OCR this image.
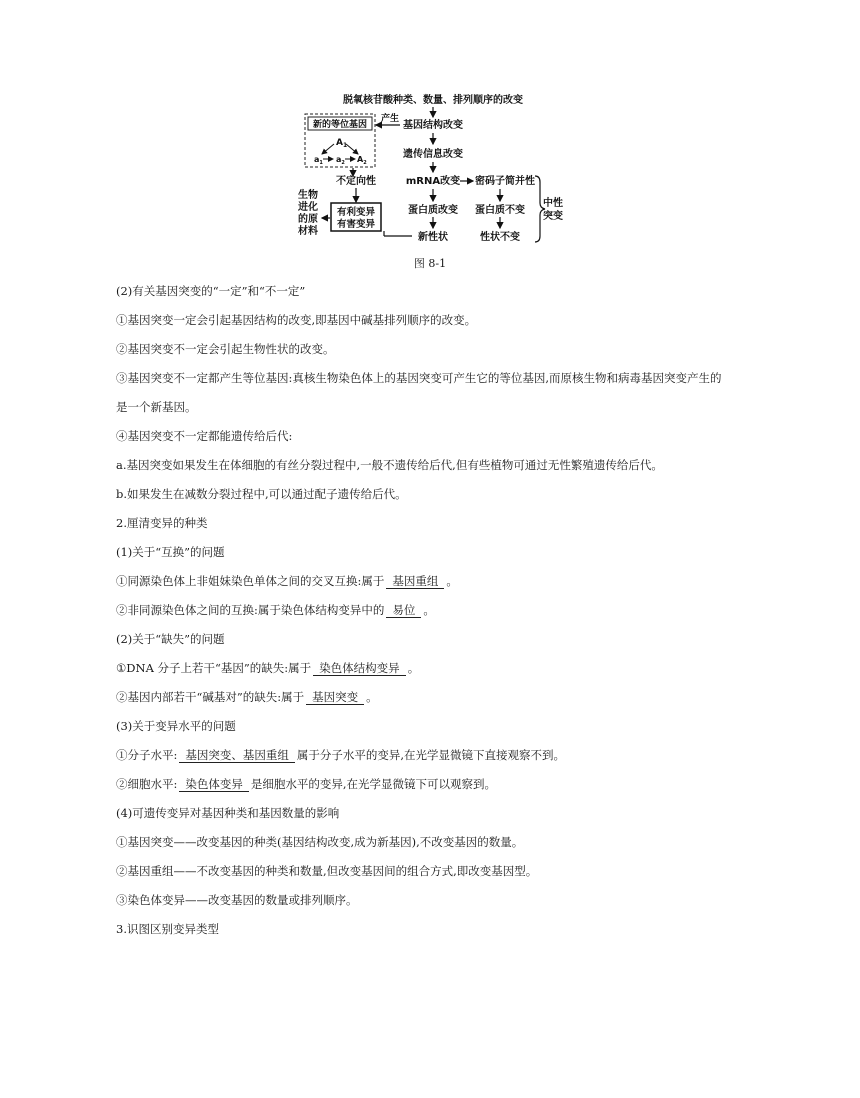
脱氧核苷酸种类、数量、排列顺序的改变
基因结构改变
产生
新的等位基因
$A_1$
$a_1$ $a_2$ $A_2$
遗传信息改变
不定向性	mRNA改变 密码子简并性
生物
进化
的原
材料
有利变异
有害变异
蛋白质改变
新性状
蛋白质不变
性状不变
中性
突变
图 8-1
(2)有关基因突变的“一定”和“不一定”
①基因突变一定会引起基因结构的改变,即基因中碱基排列顺序的改变。
②基因突变不一定会引起生物性状的改变。
③基因突变不一定都产生等位基因:真核生物染色体上的基因突变可产生它的等位基因,而原核生物和病毒基因突变产生的
是一个新基因。
④基因突变不一定都能遗传给后代:
a.基因突变如果发生在体细胞的有丝分裂过程中,一般不遗传给后代,但有些植物可通过无性繁殖遗传给后代。
b.如果发生在减数分裂过程中,可以通过配子遗传给后代。
2.厘清变异的种类
(1)关于“互换”的问题
①同源染色体上非姐妹染色单体之间的交叉互换:属于 基因重组 。
②非同源染色体之间的互换:属于染色体结构变异中的 易位 。
(2)关于“缺失”的问题
①DNA 分子上若干“基因”的缺失:属于 染色体结构变异 。
②基因内部若干“碱基对”的缺失:属于 基因突变 。
(3)关于变异水平的问题
①分子水平: 基因突变、基因重组 属于分子水平的变异,在光学显微镜下直接观察不到。
②细胞水平: 染色体变异 是细胞水平的变异,在光学显微镜下可以观察到。
(4)可遗传变异对基因种类和基因数量的影响
①基因突变——改变基因的种类(基因结构改变,成为新基因),不改变基因的数量。
②基因重组——不改变基因的种类和数量,但改变基因间的组合方式,即改变基因型。
③染色体变异——改变基因的数量或排列顺序。
3.识图区别变异类型
